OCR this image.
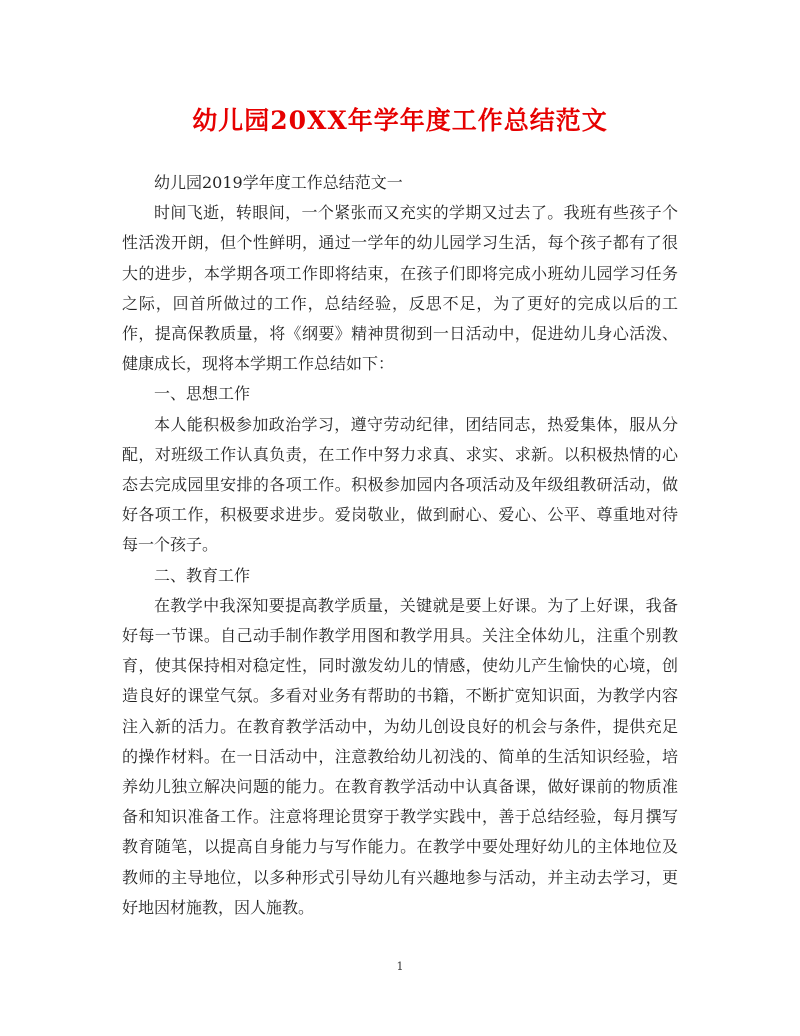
幼儿园20XX年学年度工作总结范文

幼儿园2019学年度工作总结范文一

时间飞逝，转眼间，一个紧张而又充实的学期又过去了。我班有些孩子个性活泼开朗，但个性鲜明，通过一学年的幼儿园学习生活，每个孩子都有了很大的进步，本学期各项工作即将结束，在孩子们即将完成小班幼儿园学习任务之际，回首所做过的工作，总结经验，反思不足，为了更好的完成以后的工作，提高保教质量，将《纲要》精神贯彻到一日活动中，促进幼儿身心活泼、健康成长，现将本学期工作总结如下：

一、思想工作

本人能积极参加政治学习，遵守劳动纪律，团结同志，热爱集体，服从分配，对班级工作认真负责，在工作中努力求真、求实、求新。以积极热情的心态去完成园里安排的各项工作。积极参加园内各项活动及年级组教研活动，做好各项工作，积极要求进步。爱岗敬业，做到耐心、爱心、公平、尊重地对待每一个孩子。

二、教育工作

在教学中我深知要提高教学质量，关键就是要上好课。为了上好课，我备好每一节课。自己动手制作教学用图和教学用具。关注全体幼儿，注重个别教育，使其保持相对稳定性，同时激发幼儿的情感，使幼儿产生愉快的心境，创造良好的课堂气氛。多看对业务有帮助的书籍，不断扩宽知识面，为教学内容注入新的活力。在教育教学活动中，为幼儿创设良好的机会与条件，提供充足的操作材料。在一日活动中，注意教给幼儿初浅的、简单的生活知识经验，培养幼儿独立解决问题的能力。在教育教学活动中认真备课，做好课前的物质准备和知识准备工作。注意将理论贯穿于教学实践中，善于总结经验，每月撰写教育随笔，以提高自身能力与写作能力。在教学中要处理好幼儿的主体地位及教师的主导地位，以多种形式引导幼儿有兴趣地参与活动，并主动去学习，更好地因材施教，因人施教。

1
